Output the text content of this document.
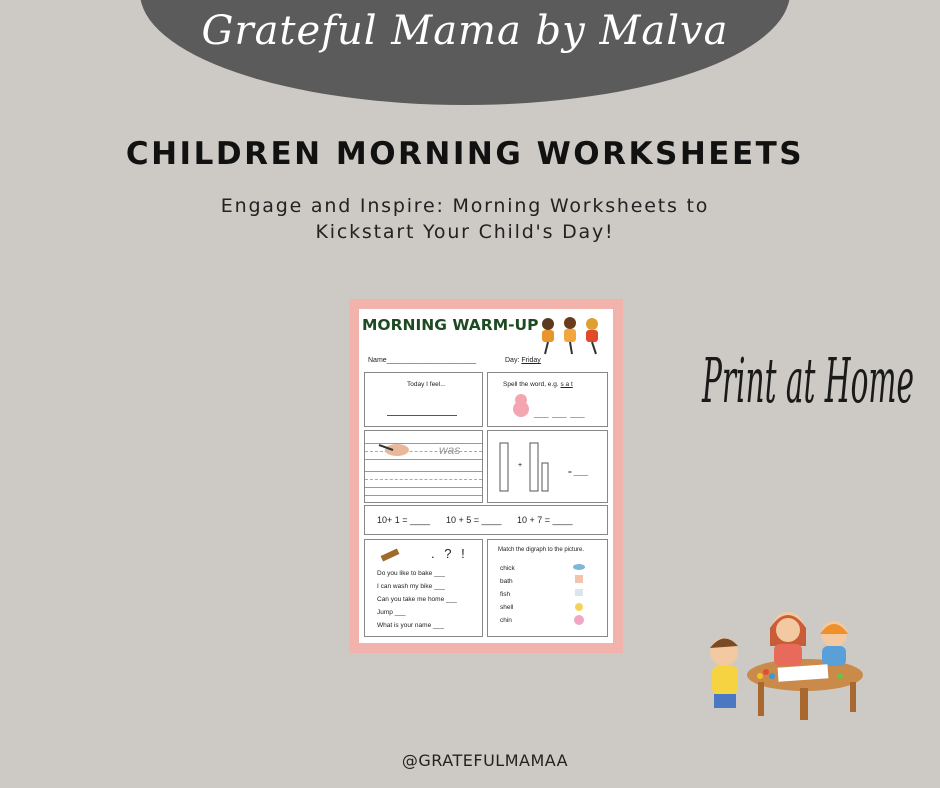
Grateful Mama by Malva
CHILDREN MORNING WORKSHEETS
Engage and Inspire: Morning Worksheets to
Kickstart Your Child's Day!
MORNING WARM-UP
Name_______________________	Day: Friday
Today I feel...	Spell the word, e.g. s a t
____  ____  ____
was
+
= ____
10+ 1 = ____ 10 + 5 = ____ 10 + 7 = ____
. ? !
Do you like to bake ___
I can wash my bike ___
Can you take me home ___
Jump ___
What is your name ___
Match the digraph to the picture.
chick
bath
fish
shell
chin
Print at Home
@GRATEFULMAMAA
